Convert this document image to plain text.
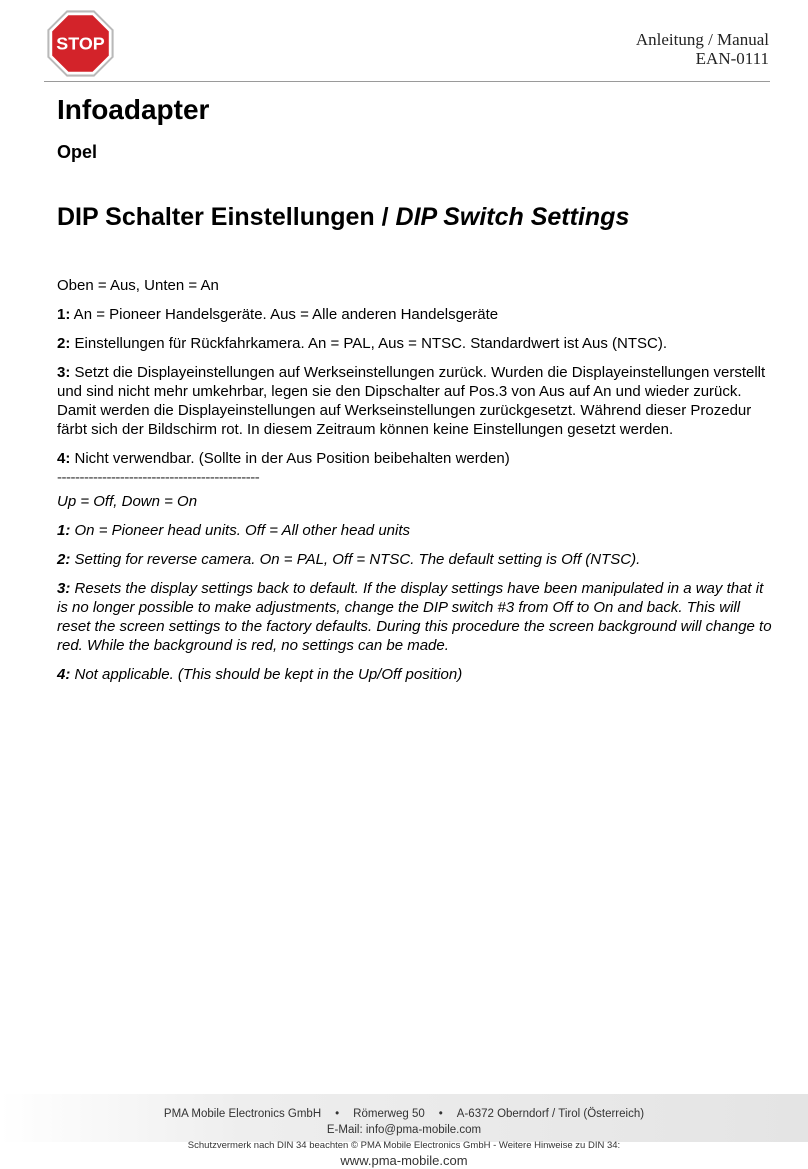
STOP	Anleitung / Manual
EAN-0111
Infoadapter
Opel
DIP Schalter Einstellungen / DIP Switch Settings

Oben = Aus, Unten = An

1: An = Pioneer Handelsgeräte. Aus = Alle anderen Handelsgeräte

2: Einstellungen für Rückfahrkamera. An = PAL, Aus = NTSC. Standardwert ist Aus (NTSC).

3: Setzt die Displayeinstellungen auf Werkseinstellungen zurück. Wurden die Displayeinstellungen verstellt und sind nicht mehr umkehrbar, legen sie den Dipschalter auf Pos.3 von Aus auf An und wieder zurück. Damit werden die Displayeinstellungen auf Werkseinstellungen zurückgesetzt. Während dieser Prozedur färbt sich der Bildschirm rot. In diesem Zeitraum können keine Einstellungen gesetzt werden.

4: Nicht verwendbar. (Sollte in der Aus Position beibehalten werden)

---------------------------------------------

Up = Off, Down = On

1: On = Pioneer head units. Off = All other head units

2: Setting for reverse camera. On = PAL, Off = NTSC. The default setting is Off (NTSC).

3: Resets the display settings back to default. If the display settings have been manipulated in a way that it is no longer possible to make adjustments, change the DIP switch #3 from Off to On and back. This will reset the screen settings to the factory defaults. During this procedure the screen background will change to red. While the background is red, no settings can be made.

4: Not applicable. (This should be kept in the Up/Off position)

PMA Mobile Electronics GmbH • Römerweg 50 • A-6372 Oberndorf / Tirol (Österreich)
E-Mail: info@pma-mobile.com
Schutzvermerk nach DIN 34 beachten © PMA Mobile Electronics GmbH - Weitere Hinweise zu DIN 34:
www.pma-mobile.com
